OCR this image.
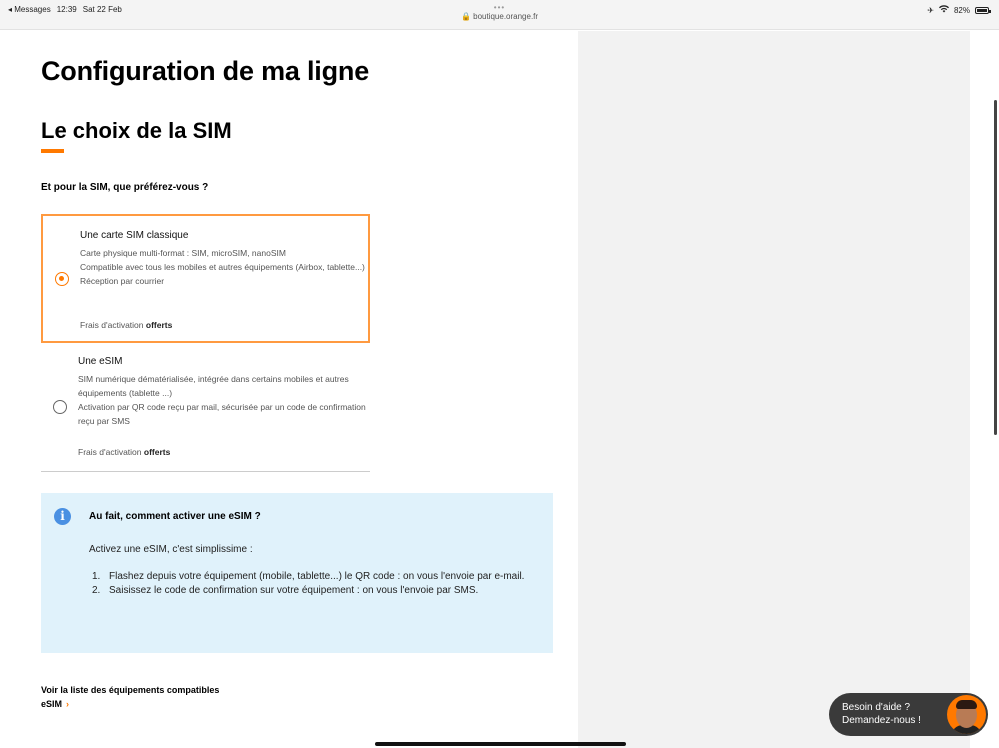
◂ Messages 12:39 Sat 22 Feb	•••
🔒 boutique.orange.fr
✈	82%
Configuration de ma ligne
Le choix de la SIM
Et pour la SIM, que préférez-vous ?
Une carte SIM classique
Carte physique multi-format : SIM, microSIM, nanoSIM
Compatible avec tous les mobiles et autres équipements (Airbox, tablette...)
Réception par courrier
Frais d'activation offerts
Une eSIM
SIM numérique dématérialisée, intégrée dans certains mobiles et autres équipements (tablette ...)
Activation par QR code reçu par mail, sécurisée par un code de confirmation reçu par SMS
Frais d'activation offerts
i	Au fait, comment activer une eSIM ?
Activez une eSIM, c'est simplissime :
1. Flashez depuis votre équipement (mobile, tablette...) le QR code : on vous l'envoie par e-mail.
2. Saisissez le code de confirmation sur votre équipement : on vous l'envoie par SMS.
Voir la liste des équipements compatibles
eSIM ›	Besoin d'aide ?
Demandez-nous !
